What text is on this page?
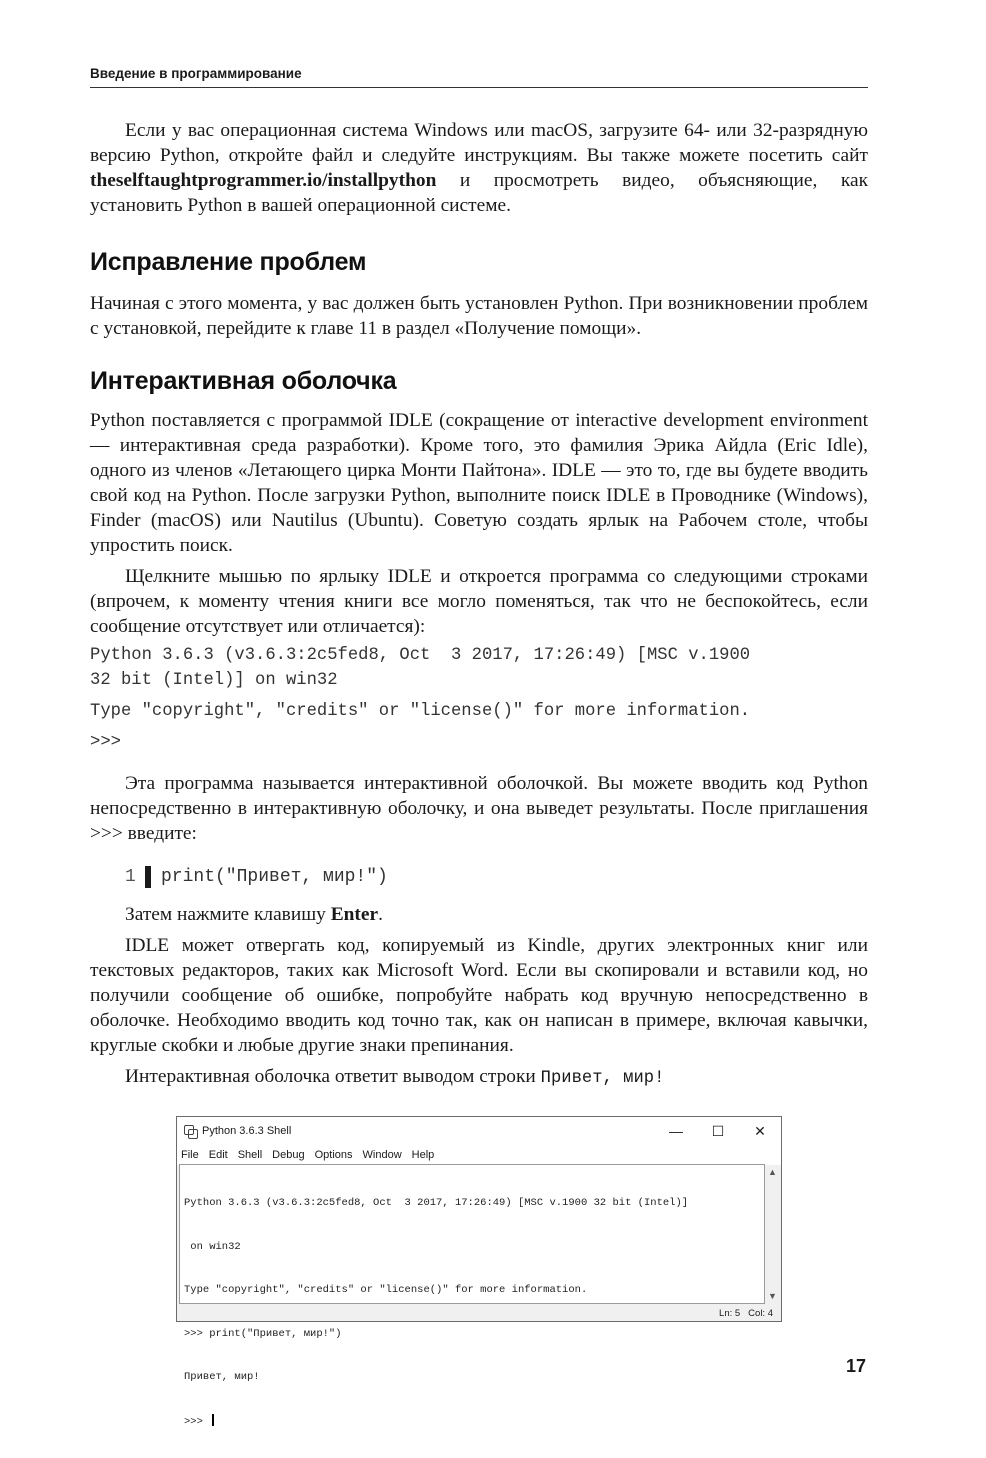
Введение в программирование

Если у вас операционная система Windows или macOS, загрузите 64- или 32-разрядную версию Python, откройте файл и следуйте инструкциям. Вы также можете посетить сайт theselftaughtprogrammer.io/installpython и просмотреть видео, объясняющие, как установить Python в вашей операционной системе.

Исправление проблем

Начиная с этого момента, у вас должен быть установлен Python. При возникновении проблем с установкой, перейдите к главе 11 в раздел «Получение помощи».

Интерактивная оболочка

Python поставляется с программой IDLE (сокращение от interactive development environment — интерактивная среда разработки). Кроме того, это фамилия Эрика Айдла (Eric Idle), одного из членов «Летающего цирка Монти Пайтона». IDLE — это то, где вы будете вводить свой код на Python. После загрузки Python, выполните поиск IDLE в Проводнике (Windows), Finder (macOS) или Nautilus (Ubuntu). Советую создать ярлык на Рабочем столе, чтобы упростить поиск.

Щелкните мышью по ярлыку IDLE и откроется программа со следующими строками (впрочем, к моменту чтения книги все могло поменяться, так что не беспокойтесь, если сообщение отсутствует или отличается):

Python 3.6.3 (v3.6.3:2c5fed8, Oct  3 2017, 17:26:49) [MSC v.1900
32 bit (Intel)] on win32
Type "copyright", "credits" or "license()" for more information.
>>>

Эта программа называется интерактивной оболочкой. Вы можете вводить код Python непосредственно в интерактивную оболочку, и она выведет результаты. После приглашения >>> введите:

1 print("Привет, мир!")

Затем нажмите клавишу Enter.

IDLE может отвергать код, копируемый из Kindle, других электронных книг или текстовых редакторов, таких как Microsoft Word. Если вы скопировали и вставили код, но получили сообщение об ошибке, попробуйте набрать код вручную непосредственно в оболочке. Необходимо вводить код точно так, как он написан в примере, включая кавычки, круглые скобки и любые другие знаки препинания.

Интерактивная оболочка ответит выводом строки Привет, мир!

Python 3.6.3 Shell	—	☐	✕
File Edit Shell Debug Options Window Help

Python 3.6.3 (v3.6.3:2c5fed8, Oct  3 2017, 17:26:49) [MSC v.1900 32 bit (Intel)]

on win32

Type "copyright", "credits" or "license()" for more information.

>>> print("Привет, мир!")

Привет, мир!

>>>

▲
▼
Ln: 5 Col: 4
17
